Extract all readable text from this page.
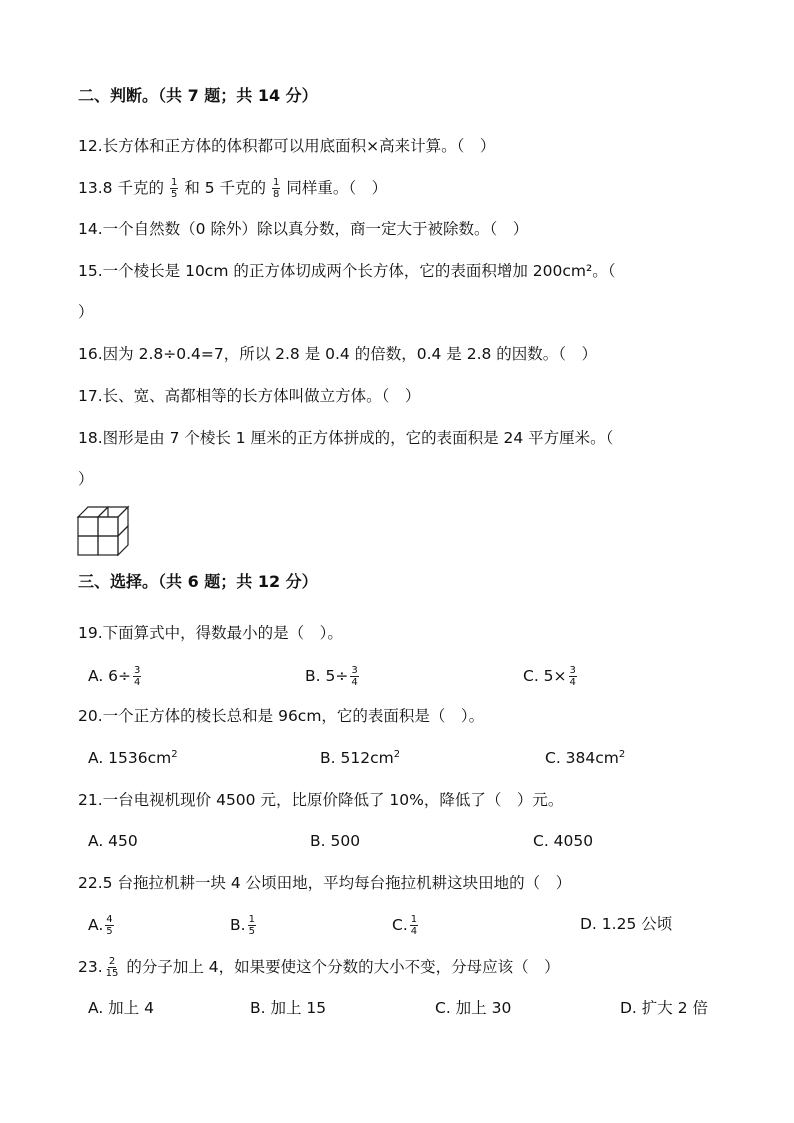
二、判断。（共 7 题；共 14 分）
12.长方体和正方体的体积都可以用底面积×高来计算。（　）
13.8 千克的 $\frac{1}{5}$ 和 5 千克的 $\frac{1}{8}$ 同样重。（　）
14.一个自然数（0 除外）除以真分数，商一定大于被除数。（　）
15.一个棱长是 10cm 的正方体切成两个长方体，它的表面积增加 200cm²。（
）
16.因为 2.8÷0.4=7，所以 2.8 是 0.4 的倍数，0.4 是 2.8 的因数。（　）
17.长、宽、高都相等的长方体叫做立方体。（　）
18.图形是由 7 个棱长 1 厘米的正方体拼成的，它的表面积是 24 平方厘米。（
）
三、选择。（共 6 题；共 12 分）
19.下面算式中，得数最小的是（　）。
A. $6\div \frac{3}{4}$	B. $5\div \frac{3}{4}$	C. $5\times \frac{3}{4}$
20.一个正方体的棱长总和是 96cm，它的表面积是（　）。
A. $1536cm^2$	B. $512cm^2$	C. $384cm^2$
21.一台电视机现价 4500 元，比原价降低了 10%，降低了（　）元。
A. 450	B. 500	C. 4050
22.5 台拖拉机耕一块 4 公顷田地，平均每台拖拉机耕这块田地的（　）
A. $\frac{4}{5}$	B. $\frac{1}{5}$	C. $\frac{1}{4}$	D. 1.25 公顷
23. $\frac{2}{15}$ 的分子加上 4，如果要使这个分数的大小不变，分母应该（　）
A. 加上 4	B. 加上 15	C. 加上 30	D. 扩大 2 倍
